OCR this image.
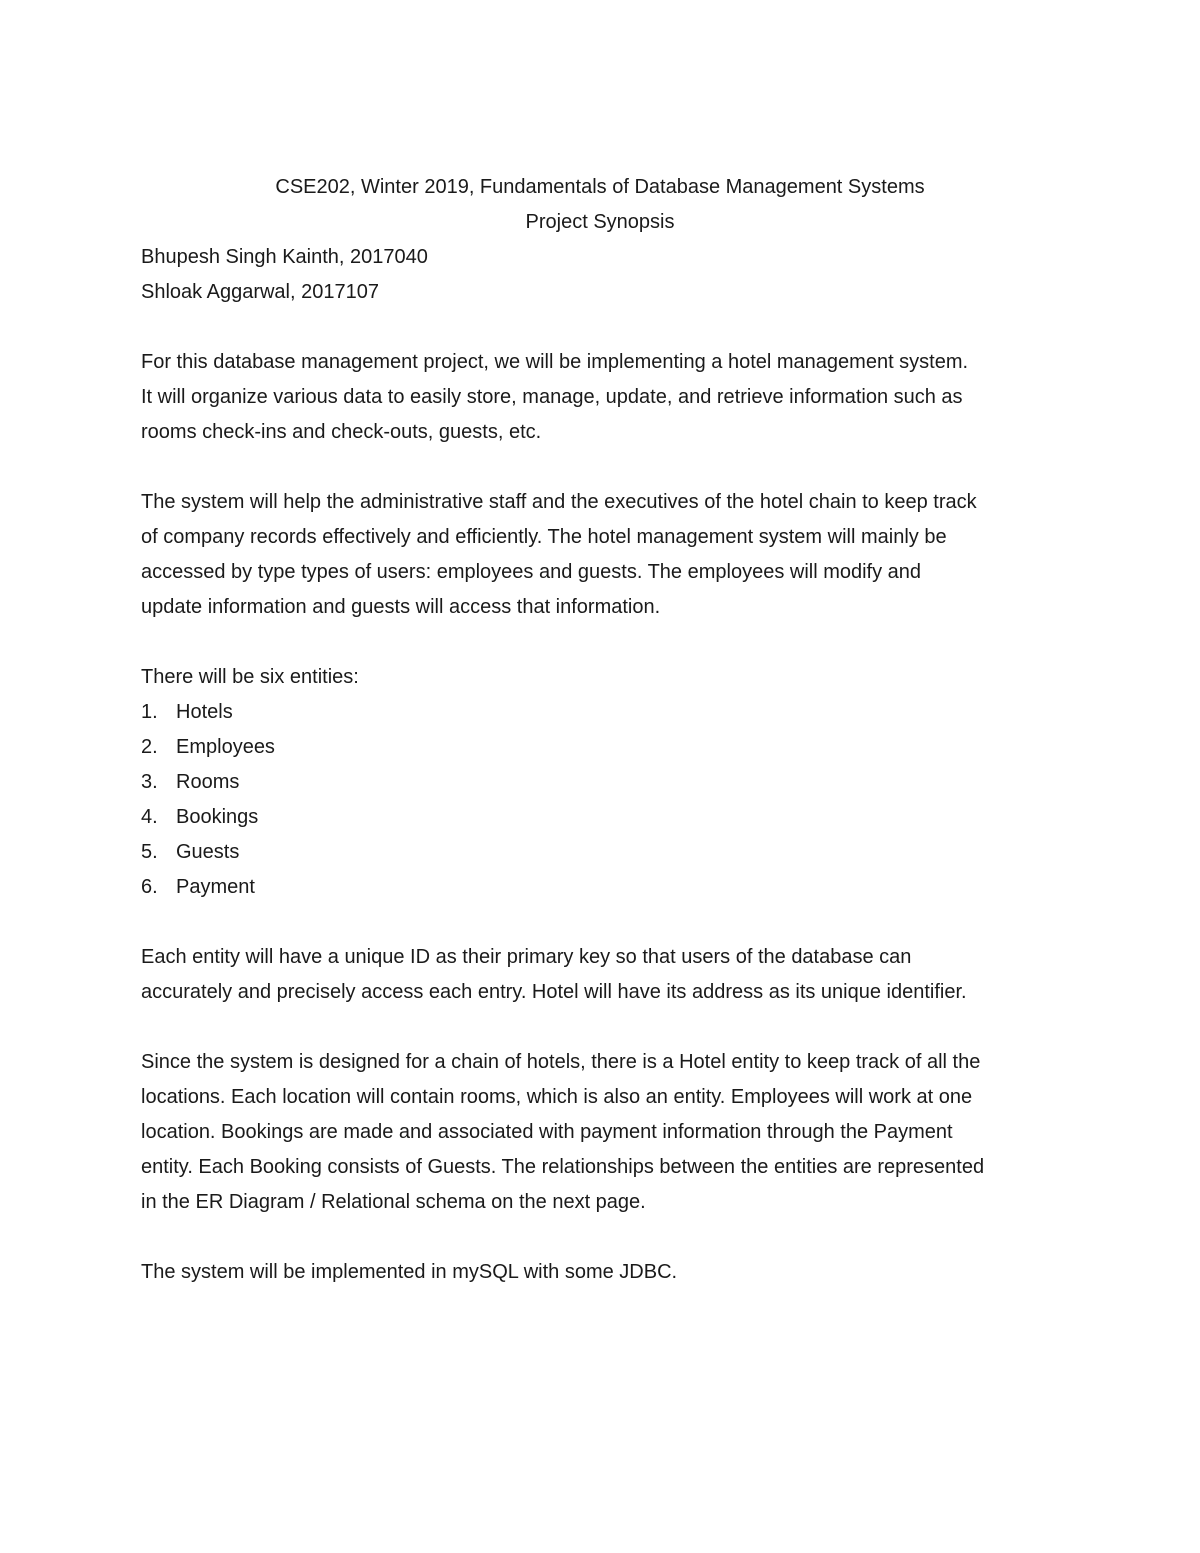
CSE202, Winter 2019, Fundamentals of Database Management Systems

Project Synopsis

Bhupesh Singh Kainth, 2017040

Shloak Aggarwal, 2017107

For this database management project, we will be implementing a hotel management system.

It will organize various data to easily store, manage, update, and retrieve information such as

rooms check-ins and check-outs, guests, etc.

The system will help the administrative staff and the executives of the hotel chain to keep track

of company records effectively and efficiently. The hotel management system will mainly be

accessed by type types of users: employees and guests. The employees will modify and

update information and guests will access that information.

There will be six entities:

1. Hotels
2. Employees
3. Rooms
4. Bookings
5. Guests
6. Payment

Each entity will have a unique ID as their primary key so that users of the database can

accurately and precisely access each entry. Hotel will have its address as its unique identifier.

Since the system is designed for a chain of hotels, there is a Hotel entity to keep track of all the

locations. Each location will contain rooms, which is also an entity. Employees will work at one

location. Bookings are made and associated with payment information through the Payment

entity. Each Booking consists of Guests. The relationships between the entities are represented

in the ER Diagram / Relational schema on the next page.

The system will be implemented in mySQL with some JDBC.
